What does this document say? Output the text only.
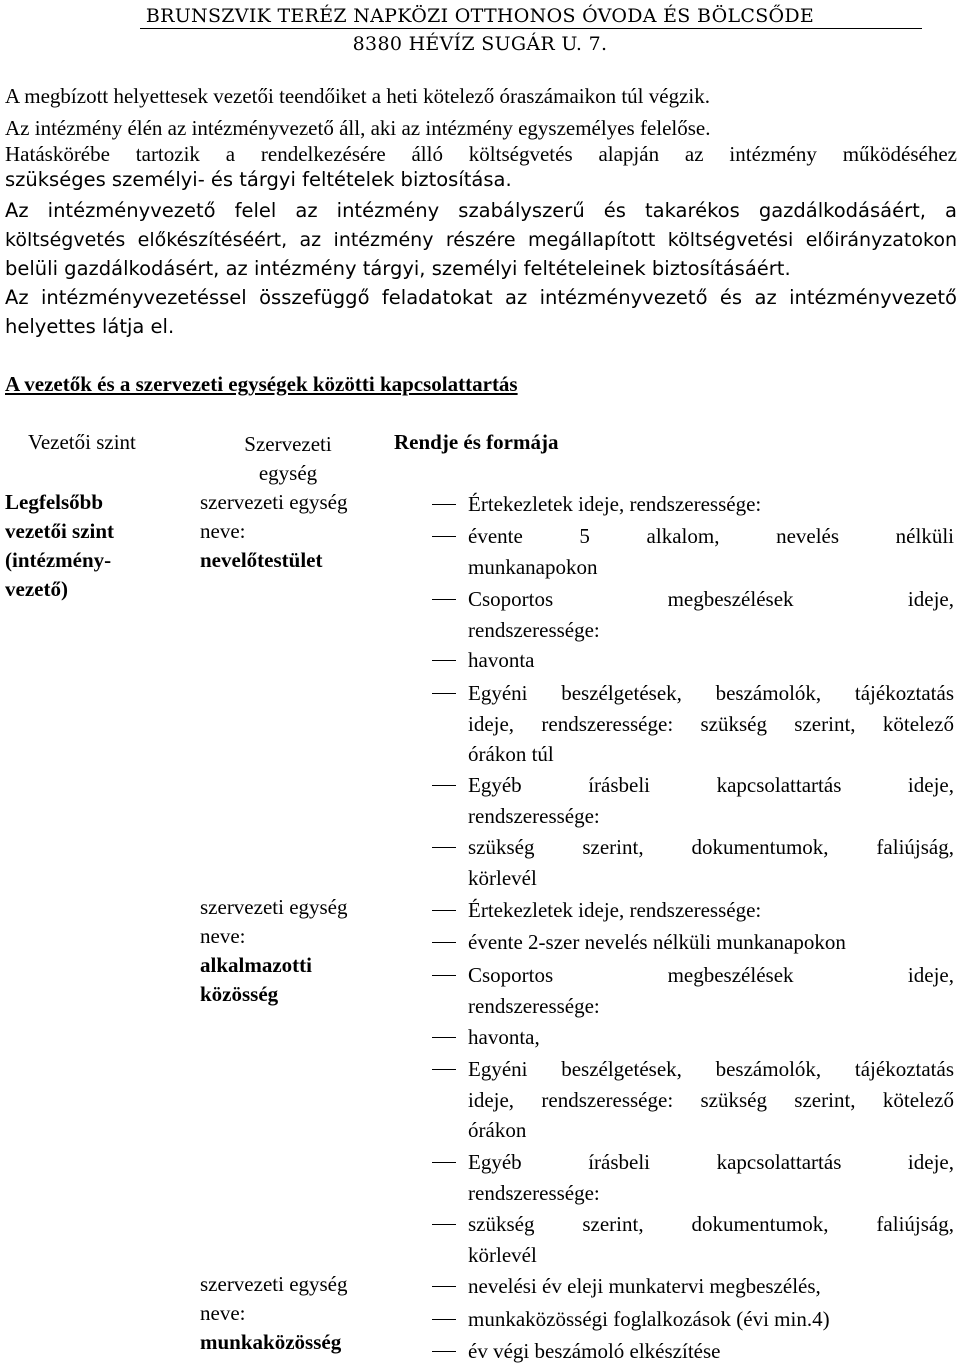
BRUNSZVIK TERÉZ NAPKÖZI OTTHONOS ÓVODA ÉS BÖLCSŐDE
8380 HÉVÍZ SUGÁR U. 7.
A megbízott helyettesek vezetői teendőiket a heti kötelező óraszámaikon túl végzik.
Az intézmény élén az intézményvezető áll, aki az intézmény egyszemélyes felelőse.
Hatáskörébe tartozik a rendelkezésére álló költségvetés alapján az intézmény működéséhez
szükséges személyi- és tárgyi feltételek biztosítása.
Az intézményvezető felel az intézmény szabályszerű és takarékos gazdálkodásáért, a
költségvetés előkészítéséért, az intézmény részére megállapított költségvetési előirányzatokon
belüli gazdálkodásért, az intézmény tárgyi, személyi feltételeinek biztosításáért.
Az intézményvezetéssel összefüggő feladatokat az intézményvezető és az intézményvezető
helyettes látja el.
A vezetők és a szervezeti egységek közötti kapcsolattartás
Vezetői szint	Szervezeti
egység
Rendje és formája
Legfelsőbb
vezetői szint
(intézmény-
vezető)
szervezeti egység
neve:
nevelőtestület
szervezeti egység
neve:
alkalmazotti
közösség
szervezeti egység
neve:
munkaközösség
Értekezletek ideje, rendszeressége:
évente 5 alkalom, nevelés nélküli
munkanapokon
Csoportos megbeszélések ideje,
rendszeressége:
havonta
Egyéni beszélgetések, beszámolók, tájékoztatás
ideje, rendszeressége: szükség szerint, kötelező
órákon túl
Egyéb írásbeli kapcsolattartás ideje,
rendszeressége:
szükség szerint, dokumentumok, faliújság,
körlevél
Értekezletek ideje, rendszeressége:
évente 2-szer nevelés nélküli munkanapokon
Csoportos megbeszélések ideje,
rendszeressége:
havonta,
Egyéni beszélgetések, beszámolók, tájékoztatás
ideje, rendszeressége: szükség szerint, kötelező
órákon
Egyéb írásbeli kapcsolattartás ideje,
rendszeressége:
szükség szerint, dokumentumok, faliújság,
körlevél
nevelési év eleji munkatervi megbeszélés,
munkaközösségi foglalkozások (évi min.4)
év végi beszámoló elkészítése
